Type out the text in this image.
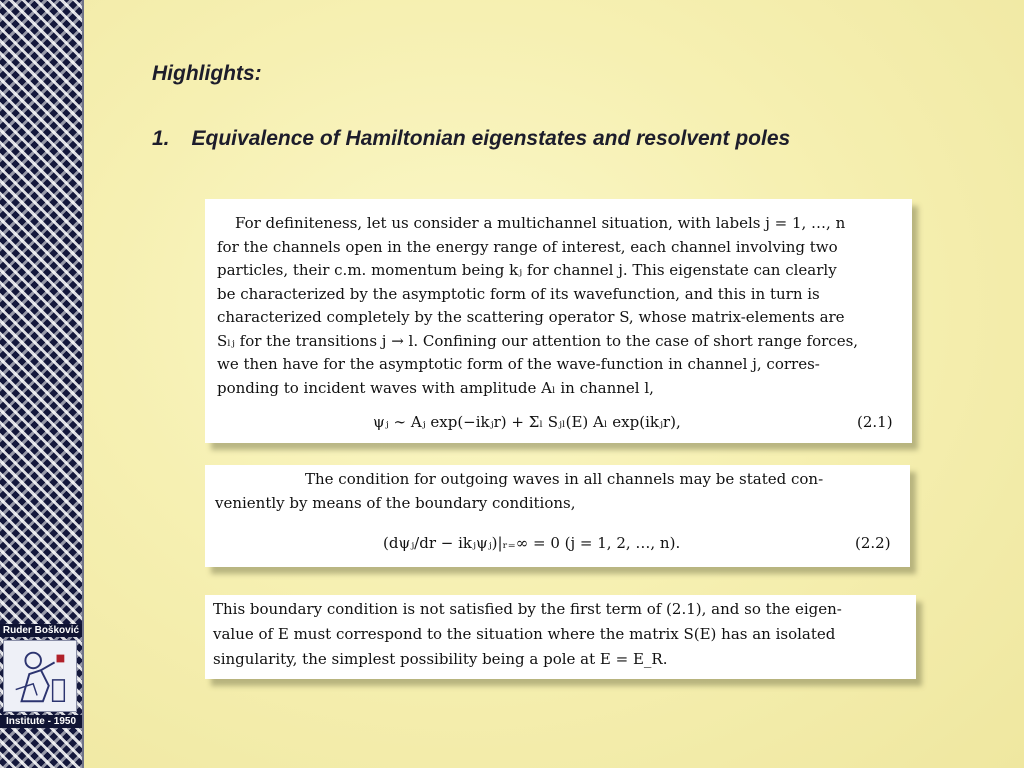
Ruder Bošković
Institute - 1950
Highlights:
1. Equivalence of Hamiltonian eigenstates and resolvent poles
For definiteness, let us consider a multichannel situation, with labels j = 1, …, n
for the channels open in the energy range of interest, each channel involving two
particles, their c.m. momentum being kⱼ for channel j. This eigenstate can clearly
be characterized by the asymptotic form of its wavefunction, and this in turn is
characterized completely by the scattering operator S, whose matrix-elements are
Sₗⱼ for the transitions j → l. Confining our attention to the case of short range forces,
we then have for the asymptotic form of the wave-function in channel j, corres-
ponding to incident waves with amplitude Aₗ in channel l,
ψⱼ ∼ Aⱼ exp(−ikⱼr) + Σₗ Sⱼₗ(E) Aₗ exp(ikⱼr),	(2.1)
The condition for outgoing waves in all channels may be stated con-
veniently by means of the boundary conditions,
(dψⱼ/dr − ikⱼψⱼ)|ᵣ₌∞ = 0 (j = 1, 2, …, n).	(2.2)
This boundary condition is not satisfied by the first term of (2.1), and so the eigen-
value of E must correspond to the situation where the matrix S(E) has an isolated
singularity, the simplest possibility being a pole at E = E_R.
